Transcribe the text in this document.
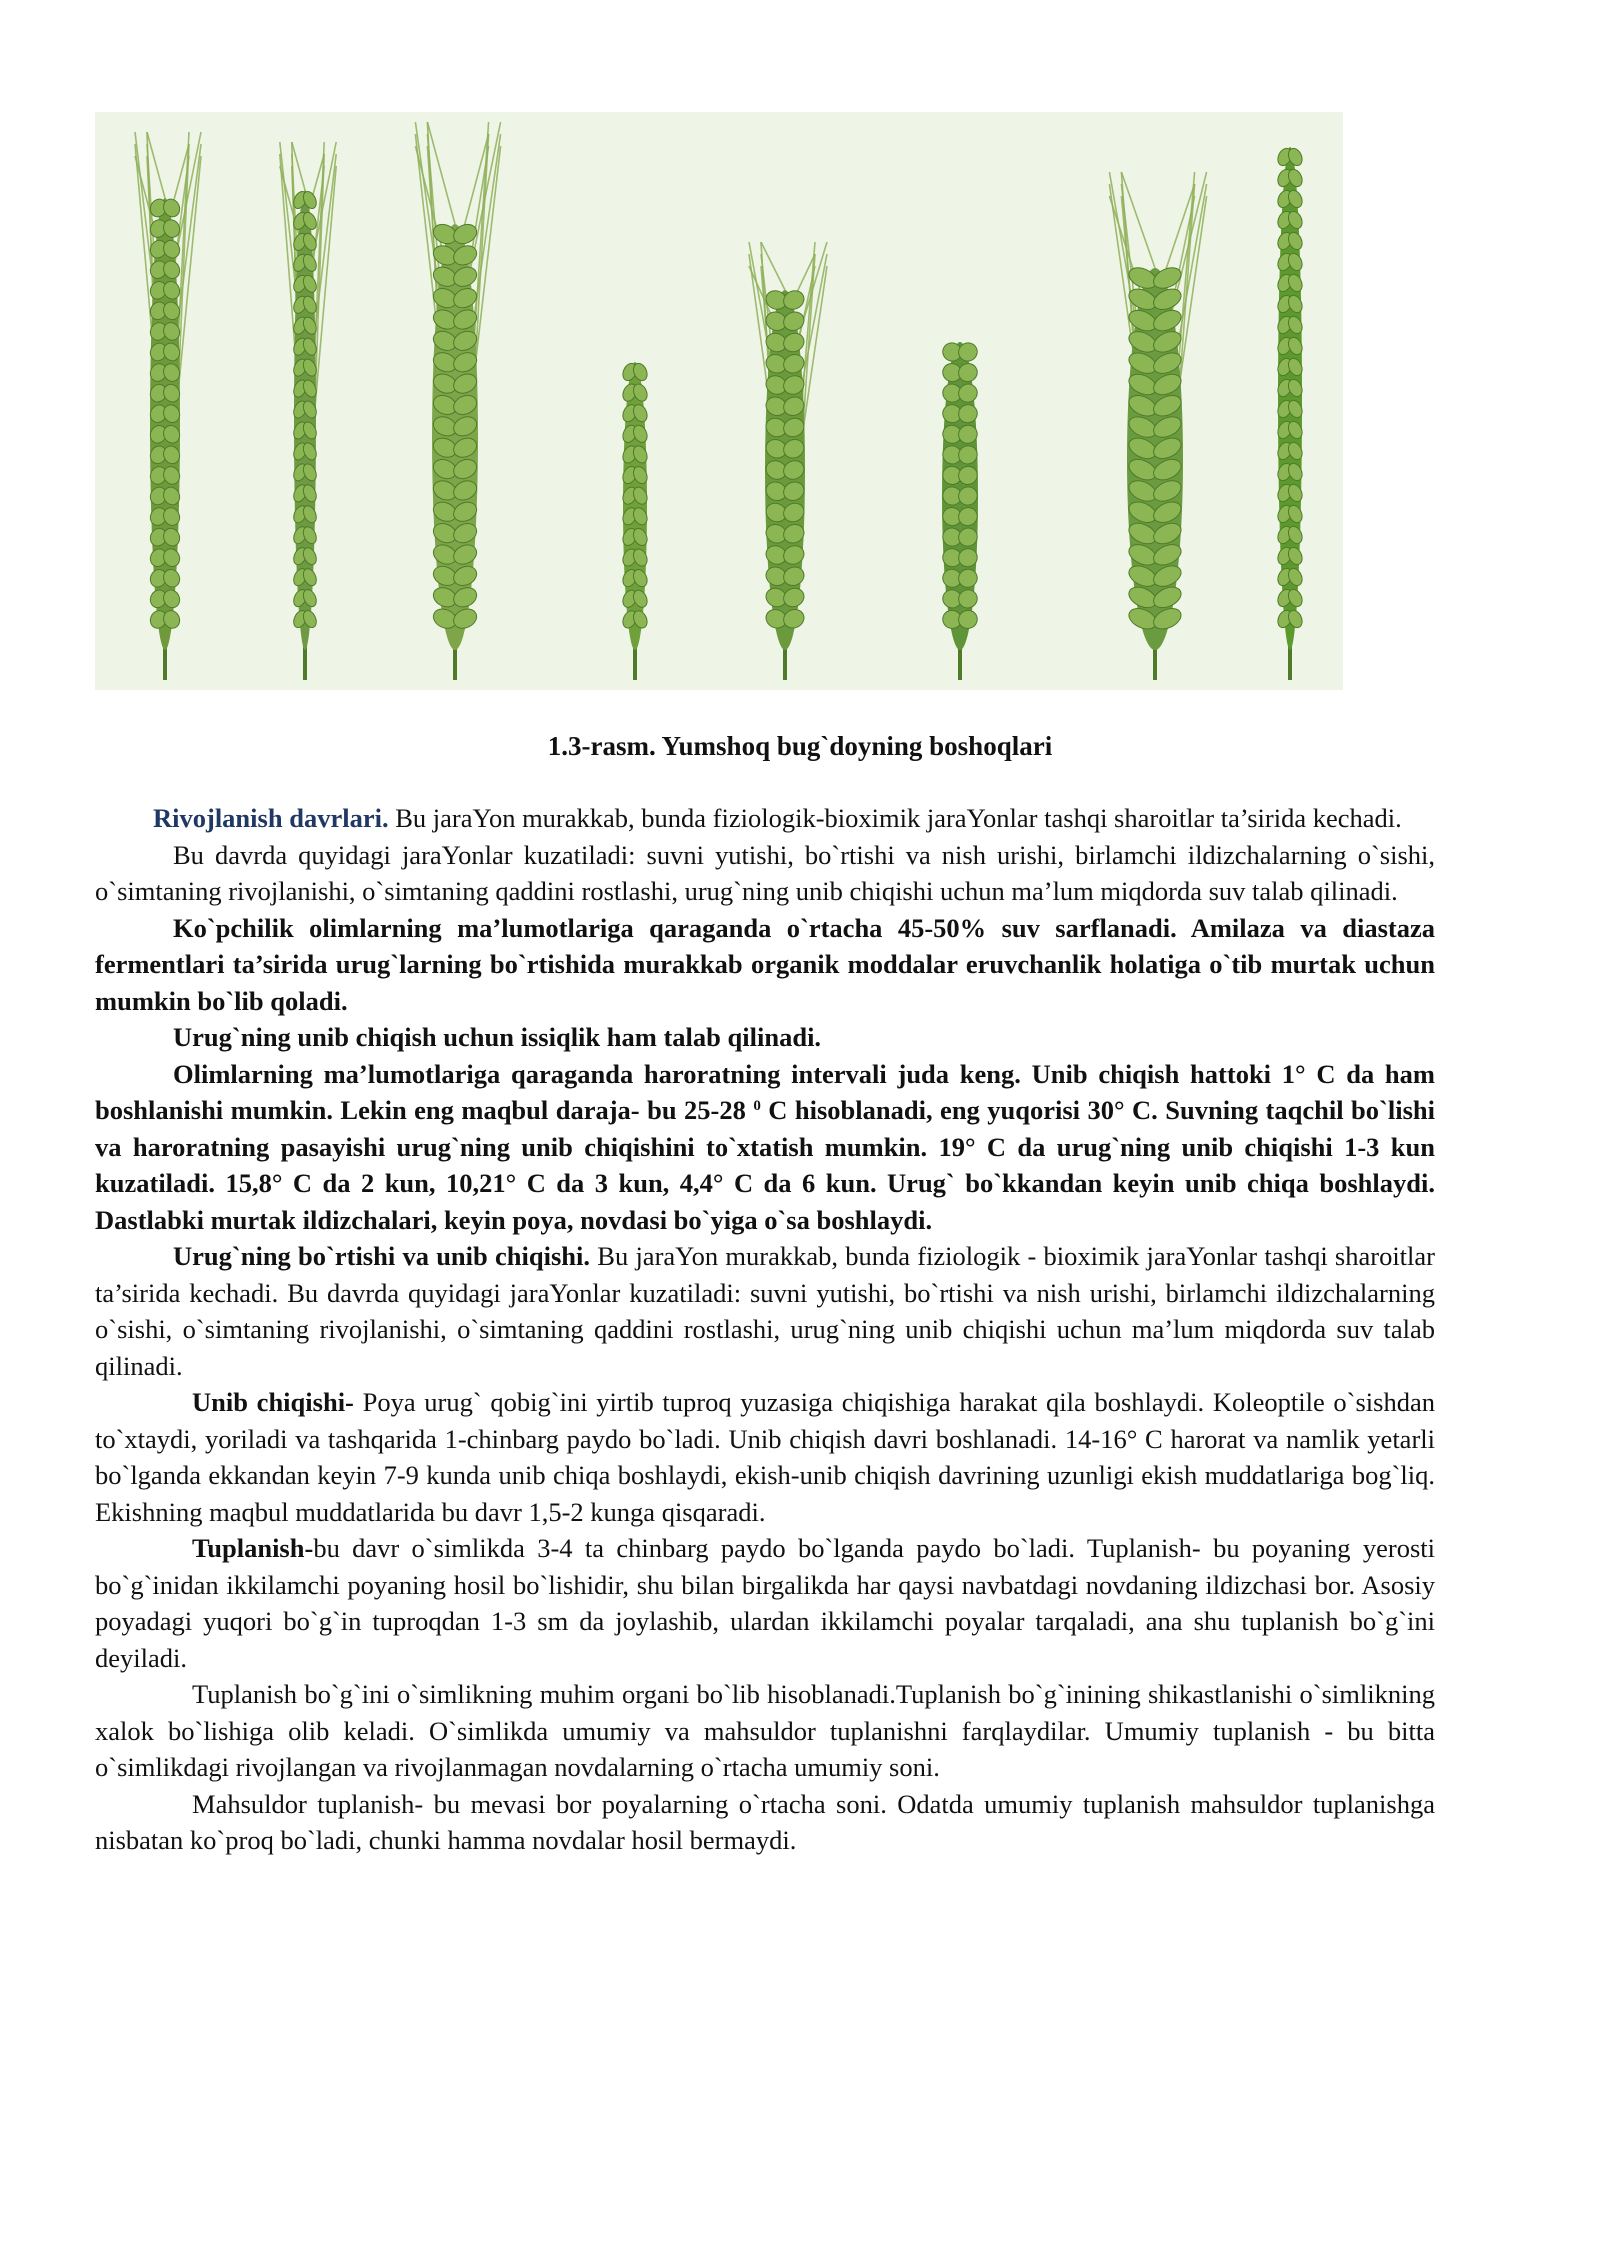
1.3-rasm. Yumshoq bug`doyning boshoqlari

Rivojlanish davrlari. Bu jaraYon murakkab, bunda fiziologik-bioximik jaraYonlar tashqi sharoitlar ta’sirida kechadi.

Bu davrda quyidagi jaraYonlar kuzatiladi: suvni yutishi, bo`rtishi va nish urishi, birlamchi ildizchalarning o`sishi, o`simtaning rivojlanishi, o`simtaning qaddini rostlashi, urug`ning unib chiqishi uchun ma’lum miqdorda suv talab qilinadi.

Ko`pchilik olimlarning ma’lumotlariga qaraganda o`rtacha 45-50% suv sarflanadi. Amilaza va diastaza fermentlari ta’sirida urug`larning bo`rtishida murakkab organik moddalar eruvchanlik holatiga o`tib murtak uchun mumkin bo`lib qoladi.

Urug`ning unib chiqish uchun issiqlik ham talab qilinadi.

Olimlarning ma’lumotlariga qaraganda haroratning intervali juda keng. Unib chiqish hattoki 1° C da ham boshlanishi mumkin. Lekin eng maqbul daraja- bu 25-28 $^0$ C hisoblanadi, eng yuqorisi 30° C. Suvning taqchil bo`lishi va haroratning pasayishi urug`ning unib chiqishini to`xtatish mumkin. 19° C da urug`ning unib chiqishi 1-3 kun kuzatiladi. 15,8° C da 2 kun, 10,21° C da 3 kun, 4,4° C da 6 kun. Urug` bo`kkandan keyin unib chiqa boshlaydi. Dastlabki murtak ildizchalari, keyin poya, novdasi bo`yiga o`sa boshlaydi.

Urug`ning bo`rtishi va unib chiqishi. Bu jaraYon murakkab, bunda fiziologik - bioximik jaraYonlar tashqi sharoitlar ta’sirida kechadi. Bu davrda quyidagi jaraYonlar kuzatiladi: suvni yutishi, bo`rtishi va nish urishi, birlamchi ildizchalarning o`sishi, o`simtaning rivojlanishi, o`simtaning qaddini rostlashi, urug`ning unib chiqishi uchun ma’lum miqdorda suv talab qilinadi.

Unib chiqishi- Poya urug` qobig`ini yirtib tuproq yuzasiga chiqishiga harakat qila boshlaydi. Koleoptile o`sishdan to`xtaydi, yoriladi va tashqarida 1-chinbarg paydo bo`ladi. Unib chiqish davri boshlanadi. 14-16° C harorat va namlik yetarli bo`lganda ekkandan keyin 7-9 kunda unib chiqa boshlaydi, ekish-unib chiqish davrining uzunligi ekish muddatlariga bog`liq. Ekishning maqbul muddatlarida bu davr 1,5-2 kunga qisqaradi.

Tuplanish-bu davr o`simlikda 3-4 ta chinbarg paydo bo`lganda paydo bo`ladi. Tuplanish- bu poyaning yerosti bo`g`inidan ikkilamchi poyaning hosil bo`lishidir, shu bilan birgalikda har qaysi navbatdagi novdaning ildizchasi bor. Asosiy poyadagi yuqori bo`g`in tuproqdan 1-3 sm da joylashib, ulardan ikkilamchi poyalar tarqaladi, ana shu tuplanish bo`g`ini deyiladi.

Tuplanish bo`g`ini o`simlikning muhim organi bo`lib hisoblanadi.Tuplanish bo`g`inining shikastlanishi o`simlikning xalok bo`lishiga olib keladi. O`simlikda umumiy va mahsuldor tuplanishni farqlaydilar. Umumiy tuplanish - bu bitta o`simlikdagi rivojlangan va rivojlanmagan novdalarning o`rtacha umumiy soni.

Mahsuldor tuplanish- bu mevasi bor poyalarning o`rtacha soni. Odatda umumiy tuplanish mahsuldor tuplanishga nisbatan ko`proq bo`ladi, chunki hamma novdalar hosil bermaydi.
